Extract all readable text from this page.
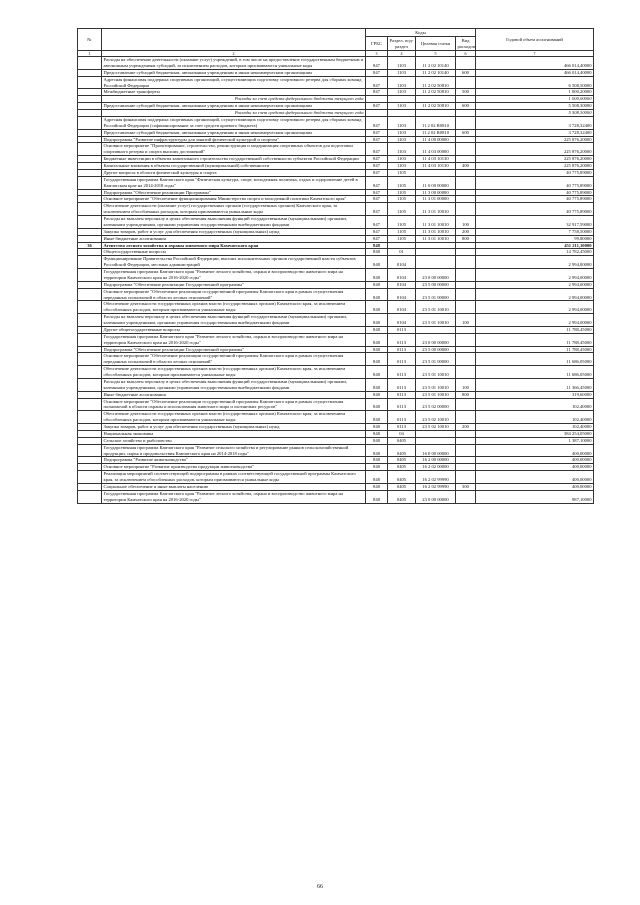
№		Коды				Годовой объем ассигнований
		ГРБС	Раздел, под-раздел	Целевая статья	Вид расходов	
1	2	3	4	5	6	7
	Расходы на обеспечение деятельности (оказание услуг) учреждений, в том числе на предоставление государственным бюджетным и автономным учреждениям субсидий, за исключением расходов, которым присваиваются уникальные коды	847	1103	11 2 02 10140		466 014,40000
	Предоставление субсидий бюджетным, автономным учреждениям и иным некоммерческим организациям	847	1103	11 2 02 10140	600	466 014,40000
	Адресная финансовая поддержка спортивных организаций, осуществляющих подготовку спортивного резерва для сборных команд Российской Федерации	847	1103	11 2 02 50810		6 508,50000
	Межбюджетные трансферты	847	1103	11 2 02 50810	500	1 000,20000
	Расходы за счет средств федерального бюджета текущего года					1 000,00000
	Предоставление субсидий бюджетным, автономным учреждениям и иным некоммерческим организациям	847	1103	11 2 02 50810	600	5 508,30000
	Расходы за счет средств федерального бюджета текущего года					5 508,30000
	Адресная финансовая поддержка спортивных организаций, осуществляющих подготовку спортивного резерва для сборных команд Российской Федерации (софинансирование за счет средств краевого бюджета)	847	1103	11 2 02 R0810		3 728,32400
	Предоставление субсидий бюджетным, автономным учреждениям и иным некоммерческим организациям	847	1103	11 2 02 R0810	600	3 728,32400
	Подпрограмма "Развитие инфраструктуры для занятий физической культурой и спортом"	847	1103	11 4 00 00000		225 876,20000
	Основное мероприятие "Проектирование, строительство, реконструкция и модернизация спортивных объектов для подготовки спортивного резерва и спорта высших достижений"	847	1103	11 4 03 00000		225 876,20000
	Бюджетные инвестиции в объекты капитального строительства государственной собственности субъектов Российской Федерации	847	1103	11 4 03 10130		225 876,20000
	Капитальные вложения в объекты государственной (муниципальной) собственности	847	1103	11 4 03 10130	400	225 876,20000
	Другие вопросы в области физической культуры и спорта	847	1105			40 775,89000
	Государственная программа Камчатского края "Физическая культура, спорт, молодежная политика, отдых и оздоровление детей в Камчатском крае на 2014-2018 годы"	847	1105	11 0 00 00000		40 775,89000
	Подпрограмма "Обеспечение реализации Программы"	847	1105	11 3 00 00000		40 775,89000
	Основное мероприятие "Обеспечение функционирования Министерства спорта и молодежной политики Камчатского края"	847	1105	11 3 01 00000		40 775,89000
	Обеспечение деятельности (оказание услуг) государственных органов (государственных органов) Камчатского края, за исключением обособленных расходов, которым присваиваются уникальные коды	847	1105	11 3 01 10010		40 775,89000
	Расходы на выплаты персоналу в целях обеспечения выполнения функций государственными (муниципальными) органами, казенными учреждениями, органами управления государственными внебюджетными фондами	847	1105	11 3 01 10010	100	32 917,59000
	Закупка товаров, работ и услуг для обеспечения государственных (муниципальных) нужд	847	1105	11 3 01 10010	200	7 758,50000
	Иные бюджетные ассигнования	847	1105	11 3 01 10010	800	99,80000
36	Агентство лесного хозяйства и охраны животного мира Камчатского края	848				451 211,10000
	Общегосударственные вопросы	848	01			14 782,45000
	Функционирование Правительства Российской Федерации, высших исполнительных органов государственной власти субъектов Российской Федерации, местных администраций	848	0104			2 994,00000
	Государственная программа Камчатского края "Развитие лесного хозяйства, охрана и воспроизводство животного мира на территории Камчатского края на 2016-2020 годы"	848	0104	23 0 00 00000		2 994,00000
	Подпрограмма "Обеспечение реализации Государственной программы"	848	0104	23 5 00 00000		2 994,00000
	Основное мероприятие "Обеспечение реализации государственной программы Камчатского края в рамках осуществления переданных полномочий в области лесных отношений"	848	0104	23 5 01 00000		2 994,00000
	Обеспечение деятельности государственных органов власти (государственных органов) Камчатского края, за исключением обособленных расходов, которым присваиваются уникальные коды	848	0104	23 5 01 10010		2 994,00000
	Расходы на выплаты персоналу в целях обеспечения выполнения функций государственными (муниципальными) органами, казенными учреждениями, органами управления государственными внебюджетными фондами	848	0104	23 5 01 10010	100	2 994,00000
	Другие общегосударственные вопросы	848	0113			11 788,45000
	Государственная программа Камчатского края "Развитие лесного хозяйства, охрана и воспроизводство животного мира на территории Камчатского края на 2016-2020 годы"	848	0113	23 0 00 00000		11 788,45000
	Подпрограмма "Обеспечение реализации Государственной программы"	848	0113	23 5 00 00000		11 788,45000
	Основное мероприятие "Обеспечение реализации государственной программы Камчатского края в рамках осуществления переданных полномочий в области лесных отношений"	848	0113	23 5 01 00000		11 686,05000
	Обеспечение деятельности государственных органов власти (государственных органов) Камчатского края, за исключением обособленных расходов, которым присваиваются уникальные коды	848	0113	23 5 01 10010		11 686,05000
	Расходы на выплаты персоналу в целях обеспечения выполнения функций государственными (муниципальными) органами, казенными учреждениями, органами управления государственными внебюджетными фондами	848	0113	23 5 01 10010	100	11 366,45000
	Иные бюджетные ассигнования	848	0113	23 5 01 10010	800	319,60000
	Основное мероприятие "Обеспечение реализации государственной программы Камчатского края в рамках осуществления полномочий в области охраны и использования животного мира и охотничьих ресурсов"	848	0113	23 5 02 00000		102,40000
	Обеспечение деятельности государственных органов власти (государственных органов) Камчатского края, за исключением обособленных расходов, которым присваиваются уникальные коды	848	0113	23 5 02 10010		102,40000
	Закупка товаров, работ и услуг для обеспечения государственных (муниципальных) нужд	848	0113	23 5 02 10010	200	102,40000
	Национальная экономика	848	04			384 254,05000
	Сельское хозяйство и рыболовство	848	0405			1 387,10000
	Государственная программа Камчатского края "Развитие сельского хозяйства и регулирование рынков сельскохозяйственной продукции, сырья и продовольствия Камчатского края на 2014-2018 годы"	848	0405	16 0 00 00000		400,00000
	Подпрограмма "Развитие животноводства"	848	0405	16 2 00 00000		400,00000
	Основное мероприятие "Развитие производства продукции животноводства"	848	0405	16 2 02 00000		400,00000
	Реализация мероприятий соответствующей подпрограммы в рамках соответствующей государственной программы Камчатского края, за исключением обособленных расходов, которым присваиваются уникальные коды	848	0405	16 2 02 99990		400,00000
	Социальное обеспечение и иные выплаты населению	848	0405	16 2 02 99990	300	400,00000
	Государственная программа Камчатского края "Развитие лесного хозяйства, охрана и воспроизводство животного мира на территории Камчатского края на 2016-2020 годы"	848	0405	23 0 00 00000		987,10000
66
